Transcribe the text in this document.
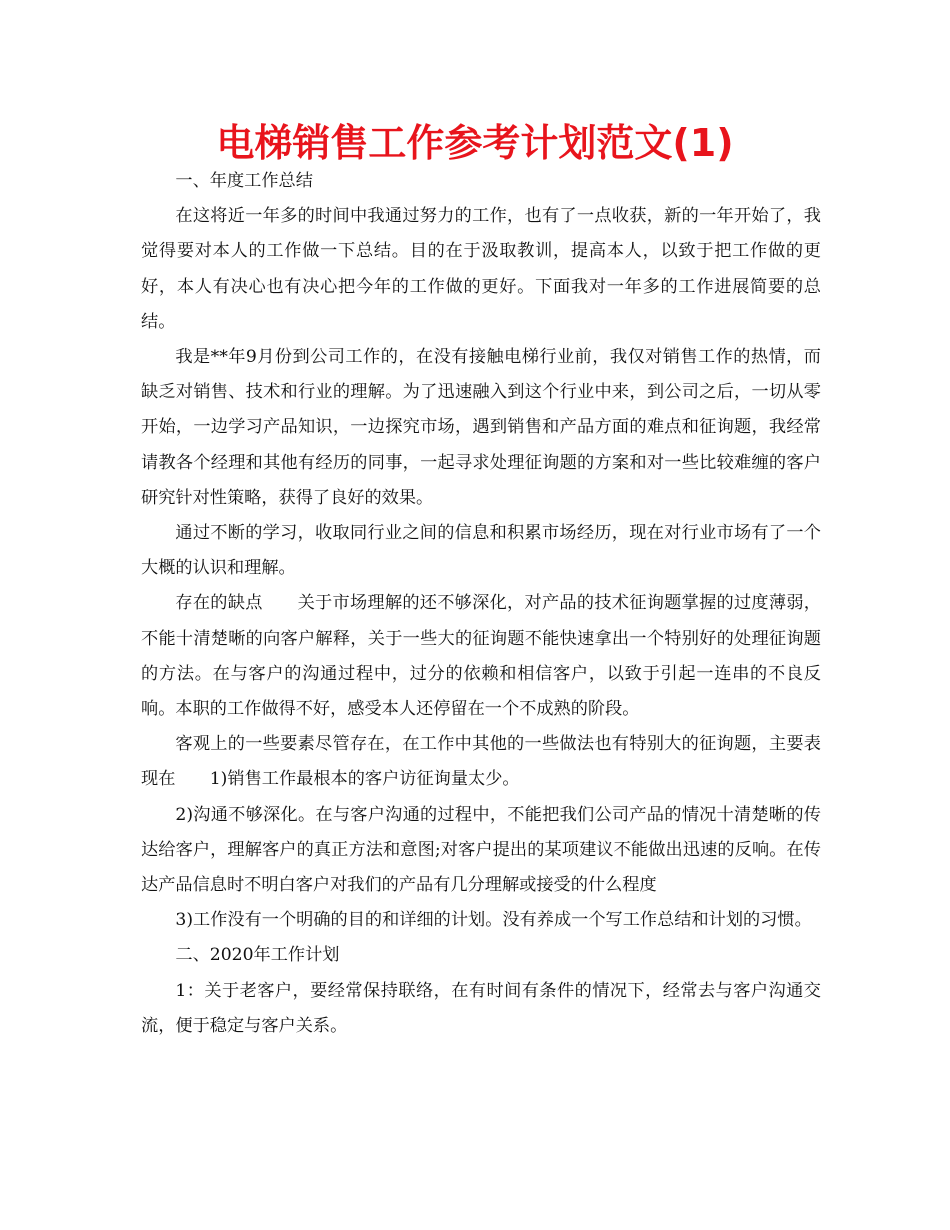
电梯销售工作参考计划范文(1)

一、年度工作总结

在这将近一年多的时间中我通过努力的工作，也有了一点收获，新的一年开始了，我觉得要对本人的工作做一下总结。目的在于汲取教训，提高本人，以致于把工作做的更好，本人有决心也有决心把今年的工作做的更好。下面我对一年多的工作进展简要的总结。

我是**年9月份到公司工作的，在没有接触电梯行业前，我仅对销售工作的热情，而缺乏对销售、技术和行业的理解。为了迅速融入到这个行业中来，到公司之后，一切从零开始，一边学习产品知识，一边探究市场，遇到销售和产品方面的难点和征询题，我经常请教各个经理和其他有经历的同事，一起寻求处理征询题的方案和对一些比较难缠的客户研究针对性策略，获得了良好的效果。

通过不断的学习，收取同行业之间的信息和积累市场经历，现在对行业市场有了一个大概的认识和理解。

存在的缺点　　关于市场理解的还不够深化，对产品的技术征询题掌握的过度薄弱，不能十清楚晰的向客户解释，关于一些大的征询题不能快速拿出一个特别好的处理征询题的方法。在与客户的沟通过程中，过分的依赖和相信客户，以致于引起一连串的不良反响。本职的工作做得不好，感受本人还停留在一个不成熟的阶段。

客观上的一些要素尽管存在，在工作中其他的一些做法也有特别大的征询题，主要表现在　　1)销售工作最根本的客户访征询量太少。

2)沟通不够深化。在与客户沟通的过程中，不能把我们公司产品的情况十清楚晰的传达给客户，理解客户的真正方法和意图;对客户提出的某项建议不能做出迅速的反响。在传达产品信息时不明白客户对我们的产品有几分理解或接受的什么程度

3)工作没有一个明确的目的和详细的计划。没有养成一个写工作总结和计划的习惯。

二、2020年工作计划

1：关于老客户，要经常保持联络，在有时间有条件的情况下，经常去与客户沟通交流，便于稳定与客户关系。
